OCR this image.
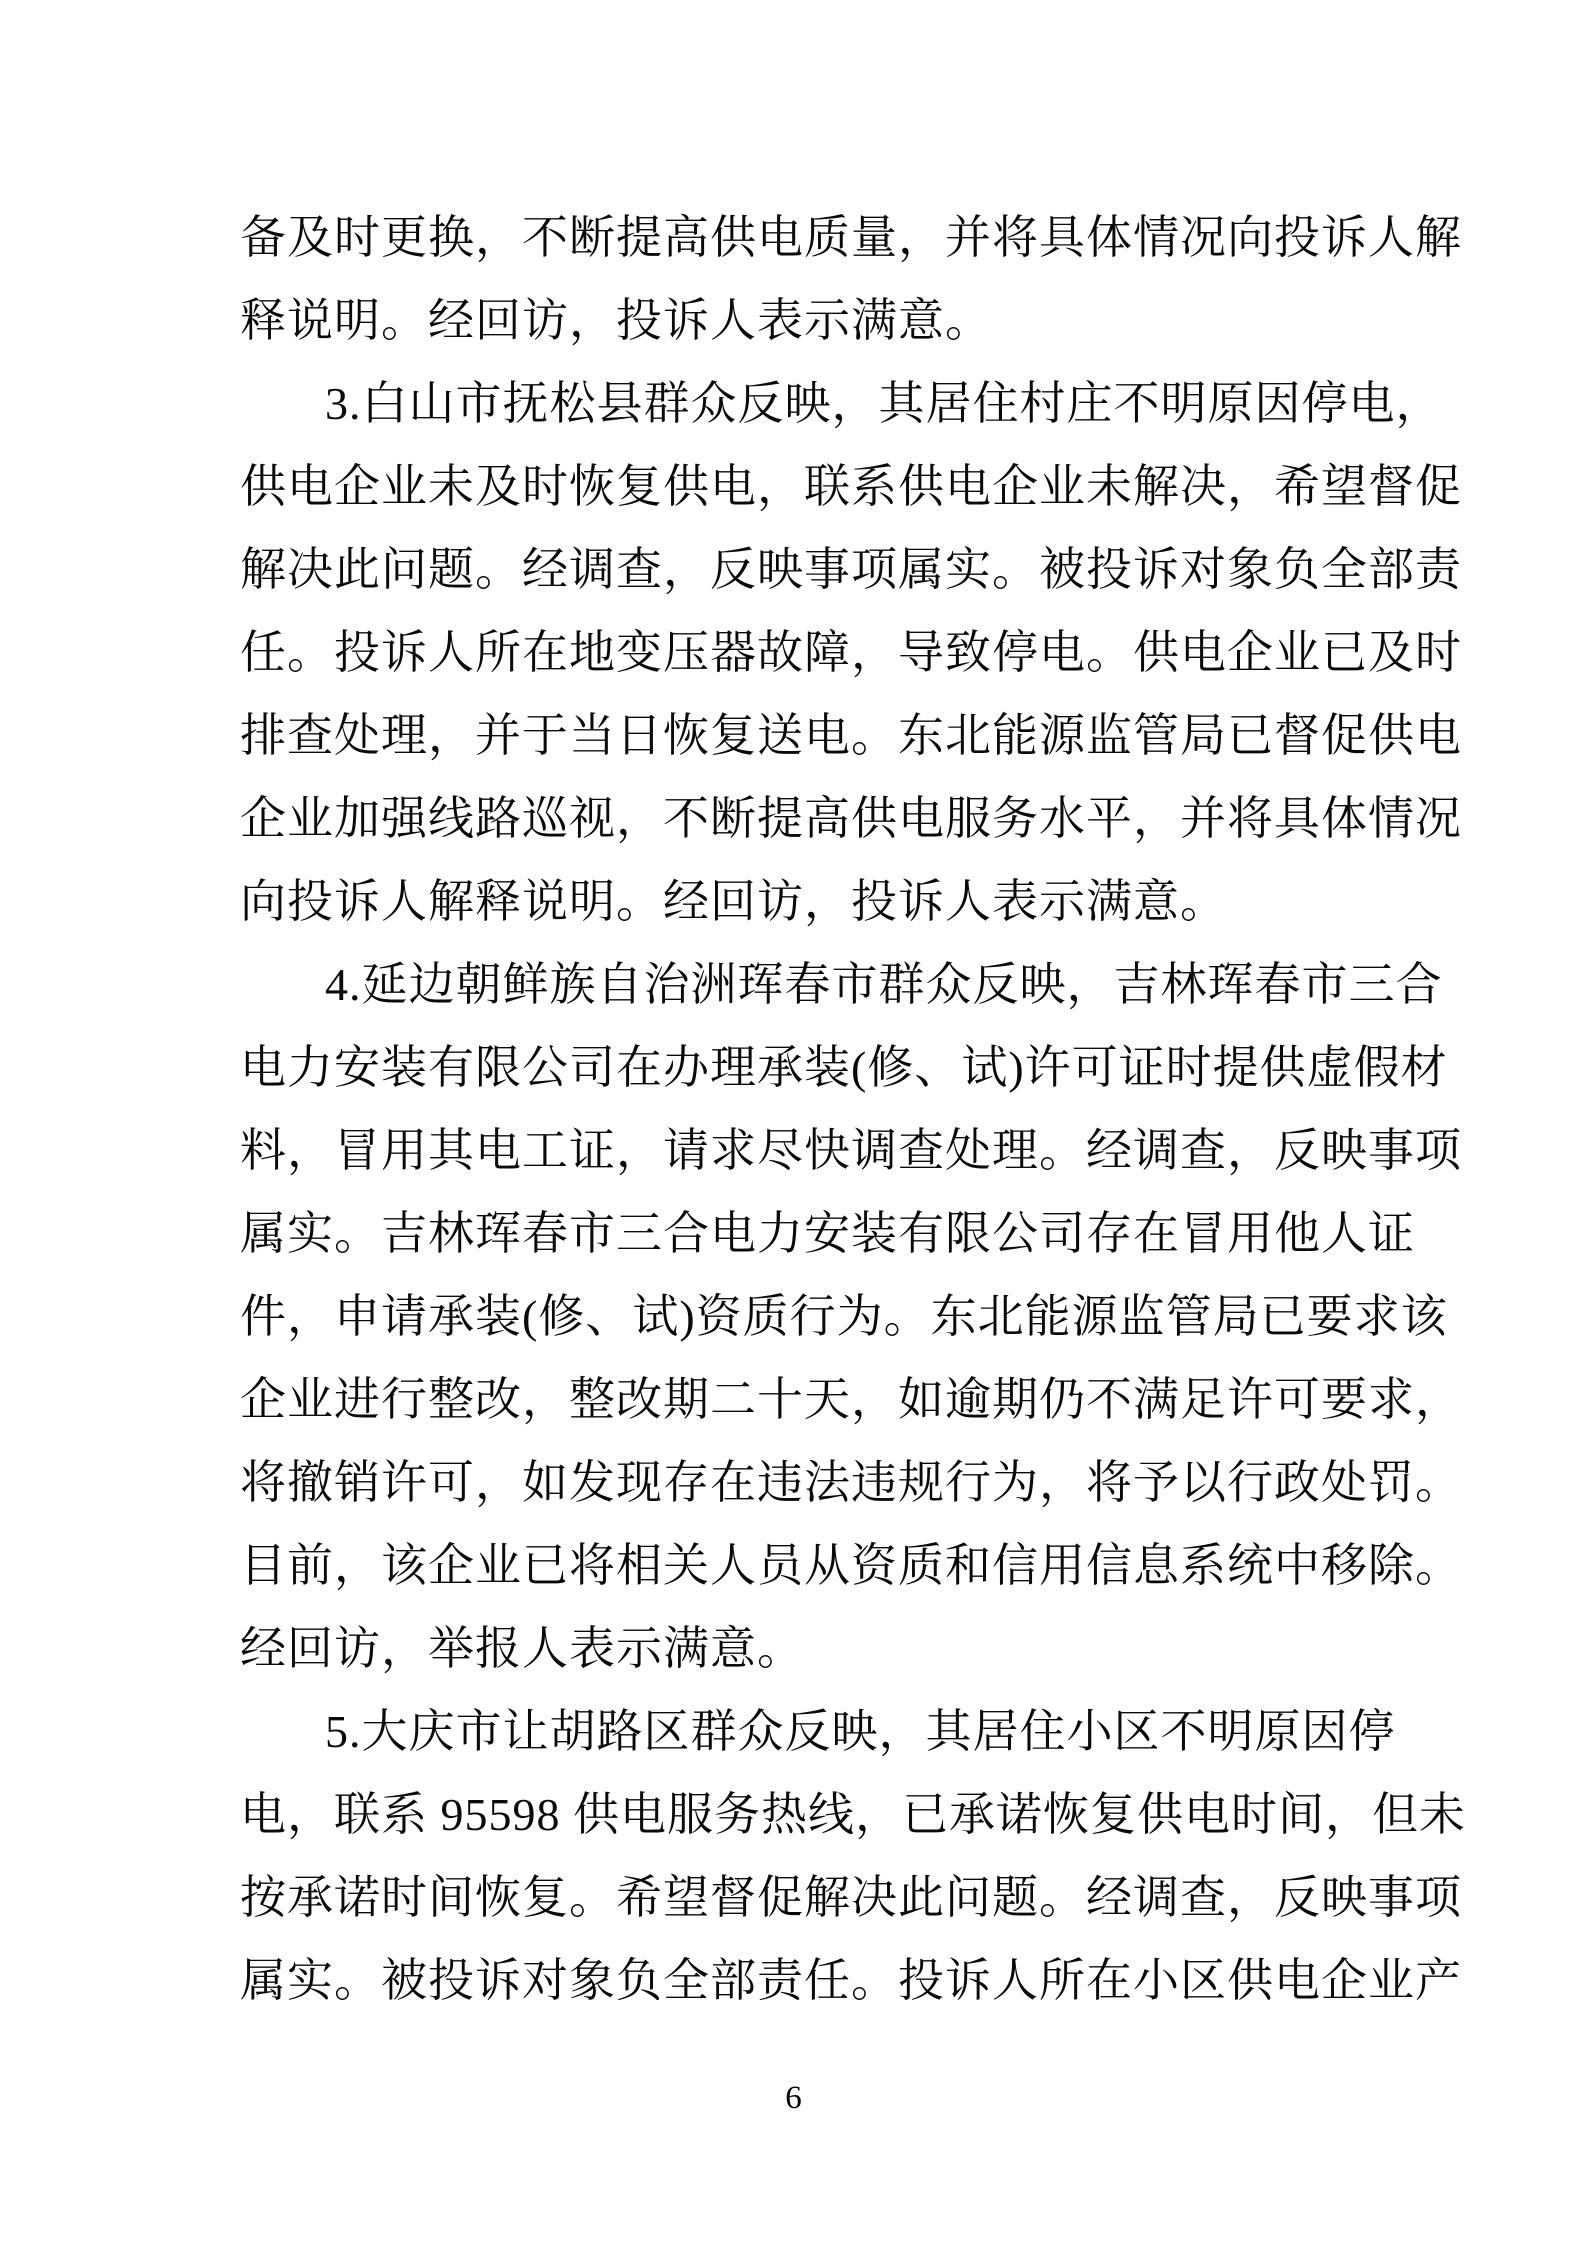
备及时更换，不断提高供电质量，并将具体情况向投诉人解
释说明。经回访，投诉人表示满意。
3.白山市抚松县群众反映，其居住村庄不明原因停电，
供电企业未及时恢复供电，联系供电企业未解决，希望督促
解决此问题。经调查，反映事项属实。被投诉对象负全部责
任。投诉人所在地变压器故障，导致停电。供电企业已及时
排查处理，并于当日恢复送电。东北能源监管局已督促供电
企业加强线路巡视，不断提高供电服务水平，并将具体情况
向投诉人解释说明。经回访，投诉人表示满意。
4.延边朝鲜族自治洲珲春市群众反映，吉林珲春市三合
电力安装有限公司在办理承装(修、试)许可证时提供虚假材
料，冒用其电工证，请求尽快调查处理。经调查，反映事项
属实。吉林珲春市三合电力安装有限公司存在冒用他人证
件，申请承装(修、试)资质行为。东北能源监管局已要求该
企业进行整改，整改期二十天，如逾期仍不满足许可要求，
将撤销许可，如发现存在违法违规行为，将予以行政处罚。
目前，该企业已将相关人员从资质和信用信息系统中移除。
经回访，举报人表示满意。
5.大庆市让胡路区群众反映，其居住小区不明原因停
电，联系 95598 供电服务热线，已承诺恢复供电时间，但未
按承诺时间恢复。希望督促解决此问题。经调查，反映事项
属实。被投诉对象负全部责任。投诉人所在小区供电企业产
6
